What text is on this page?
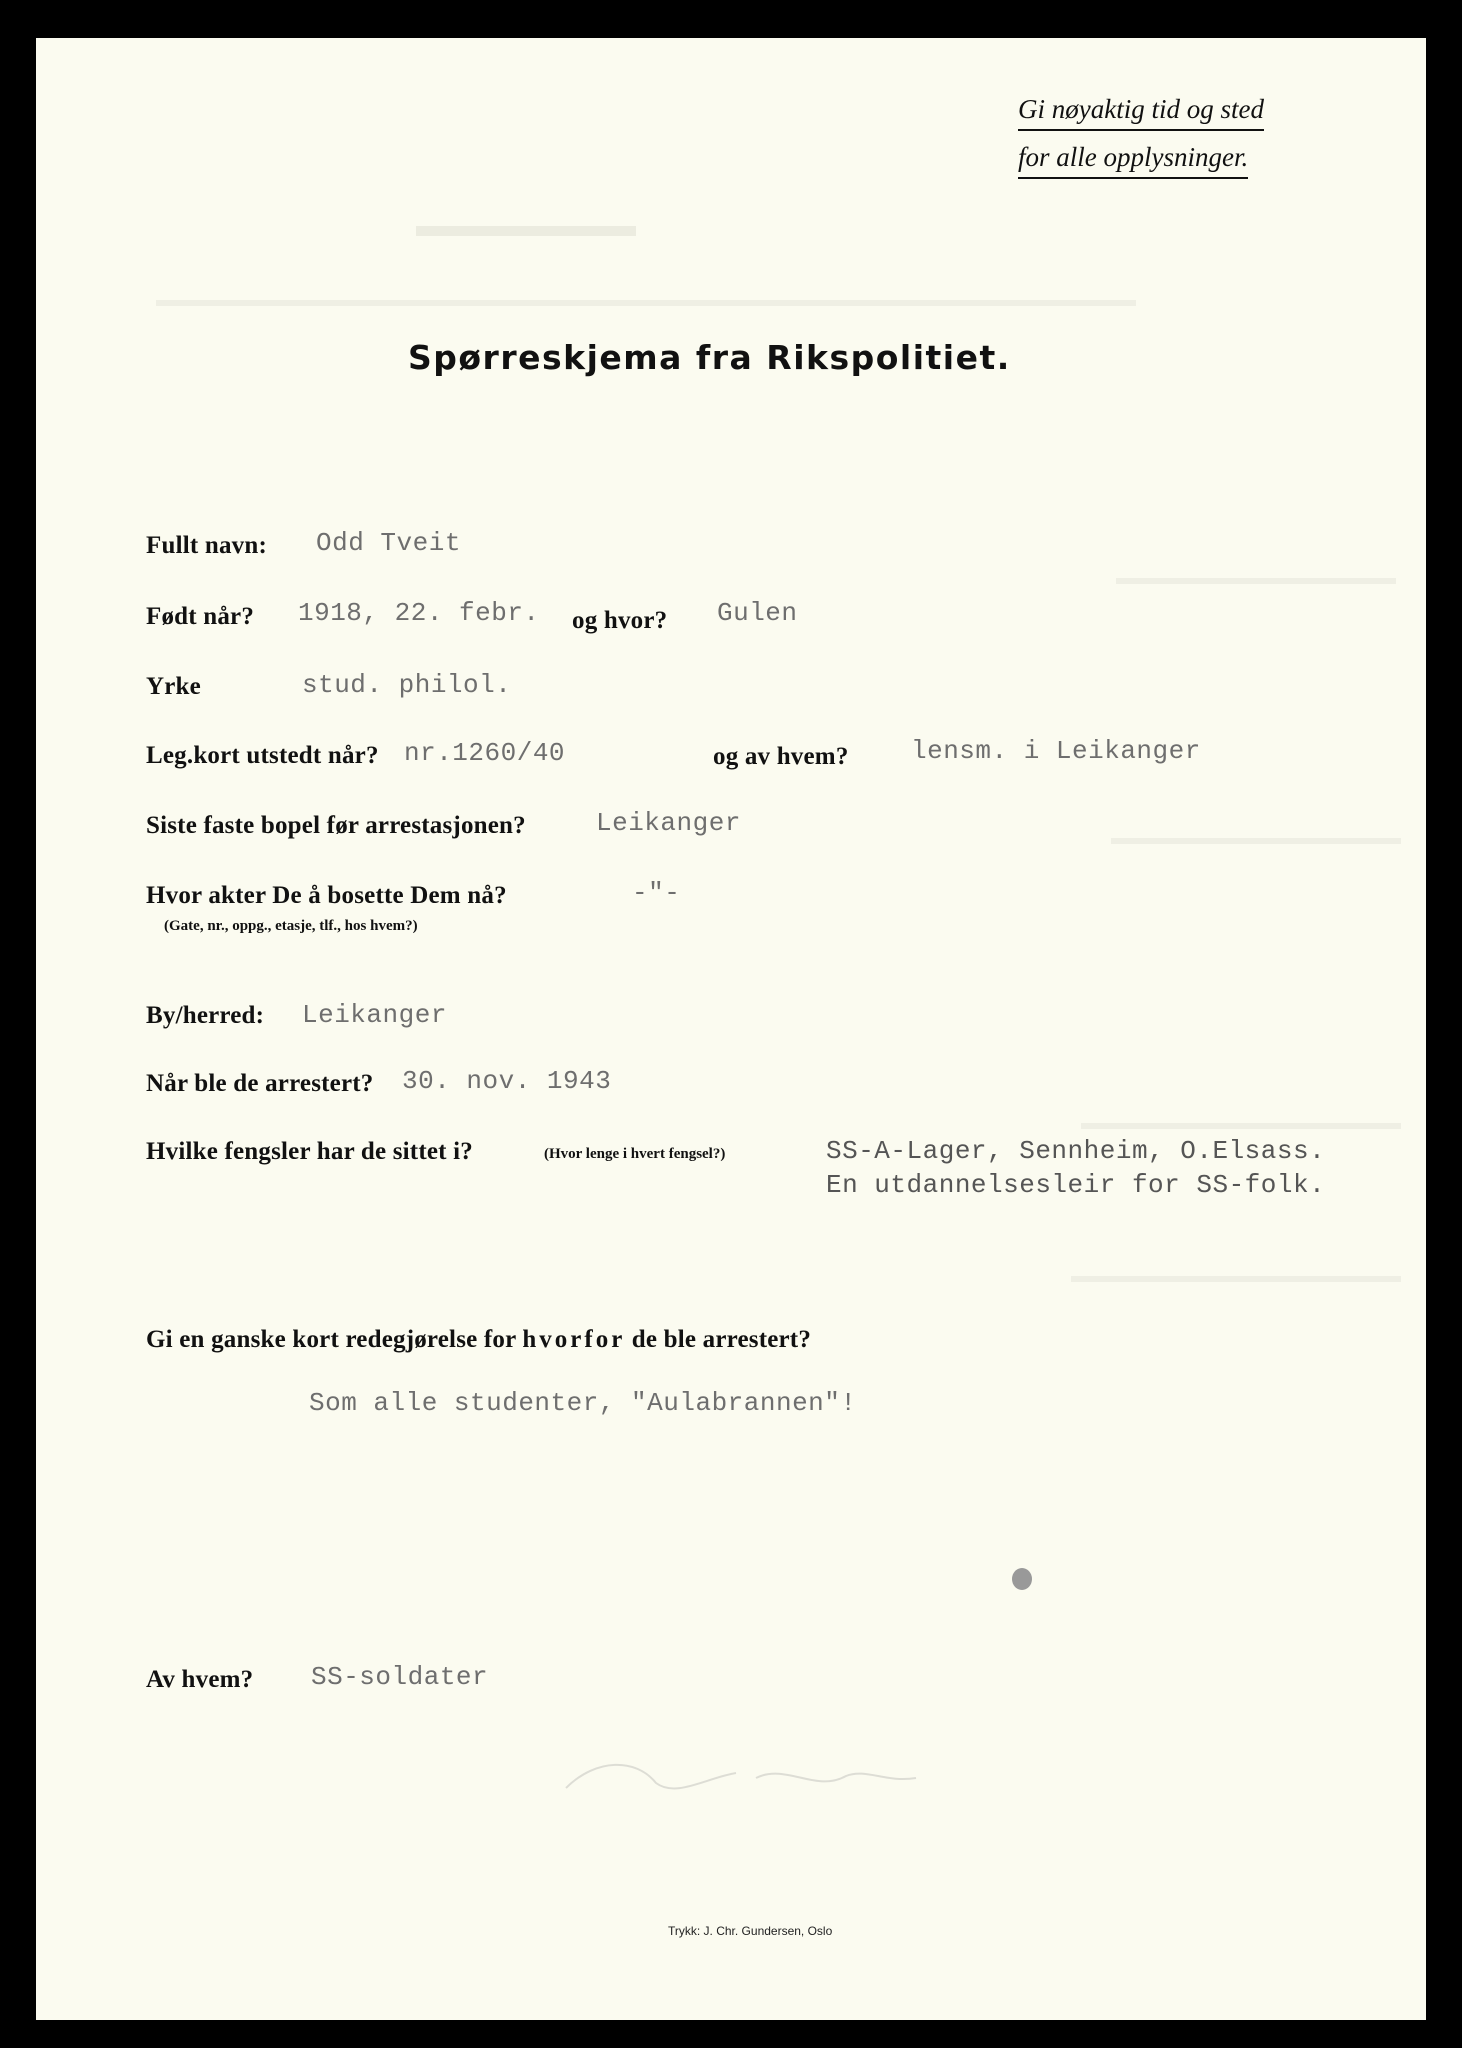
Gi nøyaktig tid og sted
for alle opplysninger.
Spørreskjema fra Rikspolitiet.
Fullt navn: Odd Tveit
Født når? 1918, 22. febr. og hvor? Gulen
Yrke	stud. philol.
Leg.kort utstedt når? nr.1260/40	og av hvem? lensm. i Leikanger
Siste faste bopel før arrestasjonen?	Leikanger
Hvor akter De å bosette Dem nå?	-"-
(Gate, nr., oppg., etasje, tlf., hos hvem?)
By/herred: Leikanger
Når ble de arrestert? 30. nov. 1943
Hvilke fengsler har de sittet i?	(Hvor lenge i hvert fengsel?)	SS-A-Lager, Sennheim, O.Elsass.
En utdannelsesleir for SS-folk.
Gi en ganske kort redegjørelse for hvorfor de ble arrestert?
Som alle studenter, "Aulabrannen"!
Av hvem? SS-soldater
Trykk: J. Chr. Gundersen, Oslo
